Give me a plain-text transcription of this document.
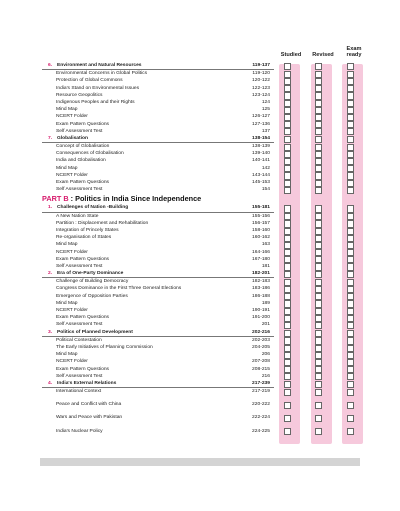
Studied	Revised
Exam
ready
6. Environment and Natural Resources	119-137
Environmental Concerns in Global Politics	119-120
Protection of Global Commons	120-122
India's Stand on Environmental Issues	122-123
Resource Geopolitics	123-124
Indigenous Peoples and their Rights	124
Mind Map	125
NCERT Folder	126-127
Exam Pattern Questions	127-136
Self Assessment Test	137
7. Globalisation	138-154
Concept of Globalisation	138-139
Consequences of Globalisation	139-140
India and Globalisation	140-141
Mind Map	142
NCERT Folder	143-144
Exam Pattern Questions	145-153
Self Assessment Test	154
PART B : Politics in India Since Independence
1. Challenges of Nation -Building	155-181
A New Nation State	155-156
Partition : Displacement and Rehabilitation	156-157
Integration of Princely States	158-160
Re-organisation of States	160-162
Mind Map	163
NCERT Folder	164-166
Exam Pattern Questions	167-180
Self Assessment Test	181
2. Era of One-Party Dominance	182-201
Challenge of Building Democracy	182-183
Congress Dominance in the First Three General Elections	183-186
Emergence of Opposition Parties	186-188
Mind Map	189
NCERT Folder	190-191
Exam Pattern Questions	191-200
Self Assessment Test	201
3. Politics of Planned Development	202-216
Political Contestation	202-203
The Early Initiatives of Planning Commission	204-205
Mind Map	206
NCERT Folder	207-208
Exam Pattern Questions	208-215
Self Assessment Test	216
4. India's External Relations	217-239
International Context	217-219
Peace and Conflict with China	220-222
Wars and Peace with Pakistan	222-224
India's Nuclear Policy	224-225
